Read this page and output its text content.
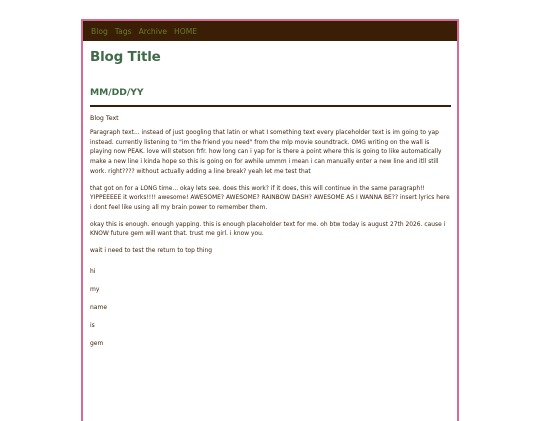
Blog Tags Archive HOME
Blog Title
MM/DD/YY

Blog Text

Paragraph text... instead of just googling that latin or what I something text every placeholder text is im going to yap instead. currently listening to "im the friend you need" from the mlp movie soundtrack. OMG writing on the wall is playing now PEAK. love will stetson frfr. how long can i yap for is there a point where this is going to like automatically make a new line i kinda hope so this is going on for awhile ummm i mean i can manually enter a new line and itll still work. right???? without actually adding a line break? yeah let me test that

that got on for a LONG time... okay lets see. does this work? if it does, this will continue in the same paragraph!! YIPPEEEEE it works!!!! awesome! AWESOME? AWESOME? RAINBOW DASH? AWESOME AS I WANNA BE?? insert lyrics here i dont feel like using all my brain power to remember them.

okay this is enough. enough yapping. this is enough placeholder text for me. oh btw today is august 27th 2026. cause i KNOW future gem will want that. trust me girl. i know you.

wait i need to test the return to top thing

hi

my

name

is

gem
